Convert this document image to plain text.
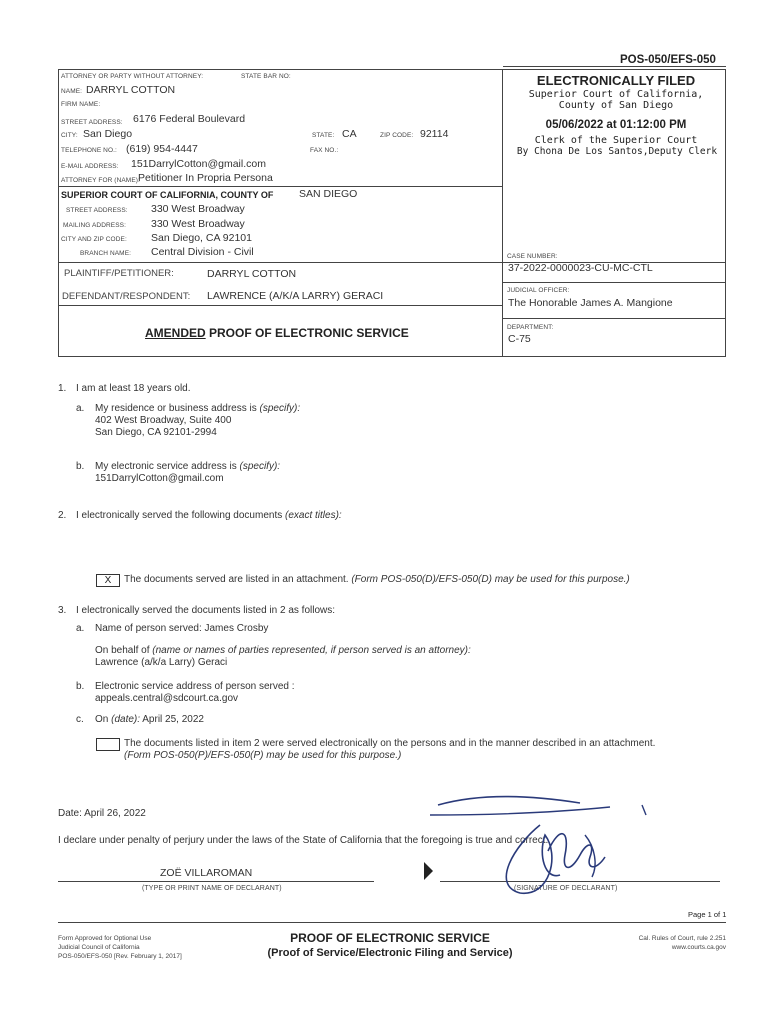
POS-050/EFS-050
ATTORNEY OR PARTY WITHOUT ATTORNEY:	STATE BAR NO:
NAME: DARRYL COTTON
FIRM NAME:
STREET ADDRESS: 6176 Federal Boulevard
CITY: San Diego	STATE: CA	ZIP CODE: 92114
TELEPHONE NO.: (619) 954-4447	FAX NO.:
E-MAIL ADDRESS: 151DarrylCotton@gmail.com
ATTORNEY FOR (NAME):
Petitioner In Propria Persona
SUPERIOR COURT OF CALIFORNIA, COUNTY OF SAN DIEGO
STREET ADDRESS: 330 West Broadway
MAILING ADDRESS: 330 West Broadway
CITY AND ZIP CODE: San Diego, CA 92101
BRANCH NAME: Central Division - Civil
PLAINTIFF/PETITIONER:	DARRYL COTTON
DEFENDANT/RESPONDENT: LAWRENCE (A/K/A LARRY) GERACI
AMENDED PROOF OF ELECTRONIC SERVICE
CASE NUMBER:
37-2022-0000023-CU-MC-CTL
JUDICIAL OFFICER:
The Honorable James A. Mangione
DEPARTMENT:
C-75
ELECTRONICALLY FILED
Superior Court of California,
County of San Diego
05/06/2022 at 01:12:00 PM
Clerk of the Superior Court
By Chona De Los Santos,Deputy Clerk
1. I am at least 18 years old.
a. My residence or business address is (specify):
402 West Broadway, Suite 400
San Diego, CA 92101-2994
b. My electronic service address is (specify):
151DarrylCotton@gmail.com
2. I electronically served the following documents (exact titles):
X	The documents served are listed in an attachment. (Form POS-050(D)/EFS-050(D) may be used for this purpose.)
3. I electronically served the documents listed in 2 as follows:
a. Name of person served: James Crosby
On behalf of (name or names of parties represented, if person served is an attorney):
Lawrence (a/k/a Larry) Geraci
b. Electronic service address of person served :
appeals.central@sdcourt.ca.gov
c. On (date): April 25, 2022
The documents listed in item 2 were served electronically on the persons and in the manner described in an attachment.
(Form POS-050(P)/EFS-050(P) may be used for this purpose.)
Date: April 26, 2022
I declare under penalty of perjury under the laws of the State of California that the foregoing is true and correct.
ZOË VILLAROMAN
(TYPE OR PRINT NAME OF DECLARANT)	(SIGNATURE OF DECLARANT)
Page 1 of 1
Form Approved for Optional Use
Judicial Council of California
POS-050/EFS-050 [Rev. February 1, 2017]
PROOF OF ELECTRONIC SERVICE
(Proof of Service/Electronic Filing and Service)
Cal. Rules of Court, rule 2.251
www.courts.ca.gov
